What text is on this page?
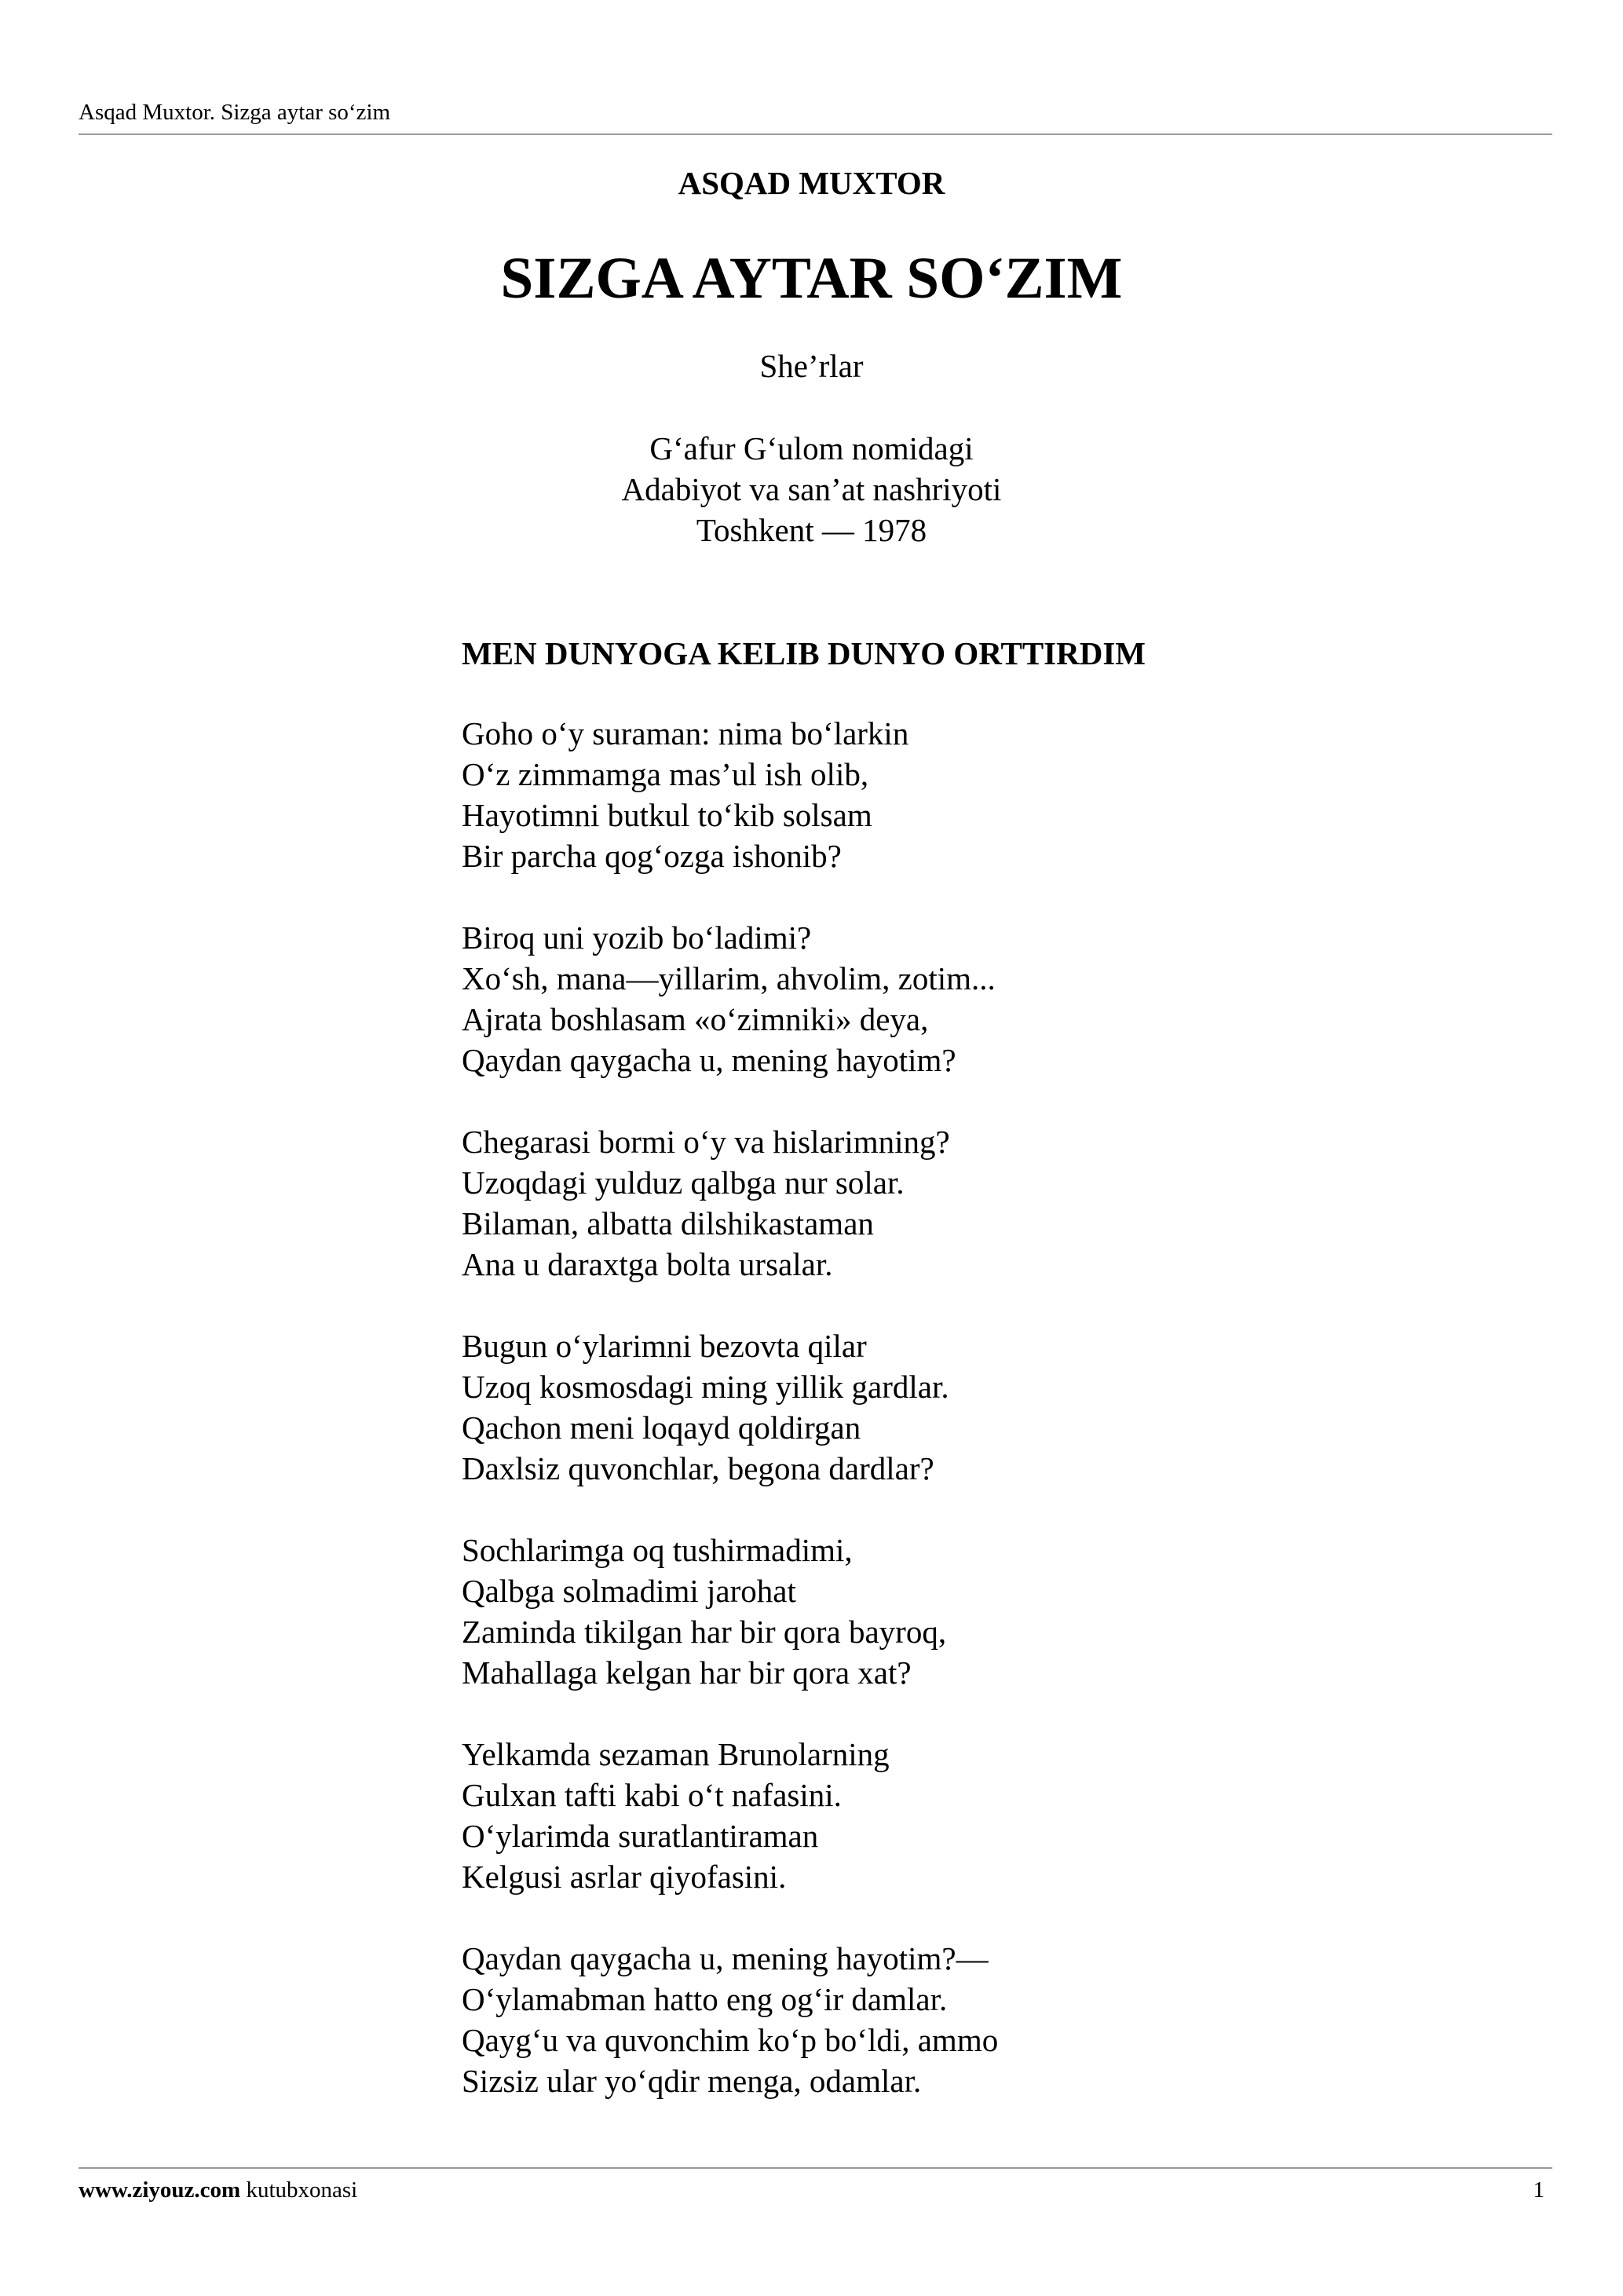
Asqad Muxtor. Sizga aytar so‘zim
ASQAD MUXTOR
SIZGA AYTAR SO‘ZIM
She’rlar
G‘afur G‘ulom nomidagi
Adabiyot va san’at nashriyoti
Toshkent — 1978
MEN DUNYOGA KELIB DUNYO ORTTIRDIM
Goho o‘y suraman: nima bo‘larkin
O‘z zimmamga mas’ul ish olib,
Hayotimni butkul to‘kib solsam
Bir parcha qog‘ozga ishonib?
Biroq uni yozib bo‘ladimi?
Xo‘sh, mana—yillarim, ahvolim, zotim...
Ajrata boshlasam «o‘zimniki» deya,
Qaydan qaygacha u, mening hayotim?
Chegarasi bormi o‘y va hislarimning?
Uzoqdagi yulduz qalbga nur solar.
Bilaman, albatta dilshikastaman
Ana u daraxtga bolta ursalar.
Bugun o‘ylarimni bezovta qilar
Uzoq kosmosdagi ming yillik gardlar.
Qachon meni loqayd qoldirgan
Daxlsiz quvonchlar, begona dardlar?
Sochlarimga oq tushirmadimi,
Qalbga solmadimi jarohat
Zaminda tikilgan har bir qora bayroq,
Mahallaga kelgan har bir qora xat?
Yelkamda sezaman Brunolarning
Gulxan tafti kabi o‘t nafasini.
O‘ylarimda suratlantiraman
Kelgusi asrlar qiyofasini.
Qaydan qaygacha u, mening hayotim?—
O‘ylamabman hatto eng og‘ir damlar.
Qayg‘u va quvonchim ko‘p bo‘ldi, ammo
Sizsiz ular yo‘qdir menga, odamlar.
www.ziyouz.com kutubxonasi	1
